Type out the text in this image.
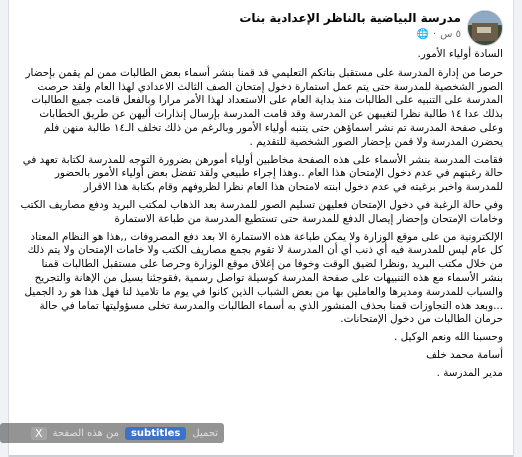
مدرسة البياضية بالناظر الإعدادية بنات
٥ س
·
🌐

السادة أولياء الأمور.

حرصا من إدارة المدرسة على مستقبل بناتكم التعليمي قد قمنا بنشر أسماء بعض الطالبات ممن لم يقمن بإحضار الصور الشخصية للمدرسة حتى يتم عمل استمارة دخول إمتحان الصف الثالث الاعدادي لهذا العام ولقد حرصت المدرسة على التنبيه على الطالبات منذ بداية العام على الاستعداد لهذا الأمر مرارا وبالفعل قامت جميع الطالبات بذلك عدا ١٤ طالبة نظرا لتغيبهن عن المدرسة وقد قامت المدرسة بإرسال إنذارات أليهن عن طريق الخطابات وعلى صفحة المدرسة تم نشر اسماؤهن حتى يتنبه أولياء الأمور وبالرغم من ذلك تخلف الـ١٤ طالبة منهن فلم يحضرن المدرسة ولا قمن بإحضار الصور الشخصية للتقديم .

فقامت المدرسة بنشر الأسماء على هذه الصفحة مخاطبين أولياء أمورهن بضرورة التوجه للمدرسة لكتابة تعهد في حالة رغبتهم في عدم دخول الإمتحان هذا العام ..وهذا إجراء طبيعي ولقد تفضل بعض أولياء الأمور بالحضور للمدرسة واخبر برغبته في عدم دخول ابنته لامتحان هذا العام نظرا لظروفهم وقام بكتابة هذا الاقرار

وفي حالة الرغبة في دخول الإمتحان فعليهن تسليم الصور للمدرسة بعد الذهاب لمكتب البريد ودفع مصاريف الكتب وخامات الإمتحان وإحضار إيصال الدفع للمدرسة حتى تستطيع المدرسة من طباعة الاستمارة

الإلكترونية من على موقع الوزارة ولا يمكن طباعة هذه الاستمارة الا بعد دفع المصروفات ,,هذا هو النظام المعتاد كل عام ليس للمدرسة فيه أي ذنب أي أن المدرسة لا تقوم بجمع مصاريف الكتب ولا خامات الإمتحان ولا يتم ذلك من خلال مكتب البريد ,ونظرا لضيق الوقت وخوفا من إغلاق موقع الوزارة وحرصا على مستقبل الطالبات قمنا بنشر الأسماء مع هذه التنبيهات على صفحة المدرسة كوسيلة تواصل رسمية ,فقوجئنا بسيل من الإهانة والتجريح والسباب للمدرسة ومديرها والعاملين بها من بعض الشباب الذين كانوا في يوم ما تلاميذ لنا فهل هذا هو رد الجميل ...وبعد هذه التجاوزات قمنا بحذف المنشور الذي به أسماء الطالبات والمدرسة تخلى مسؤوليتها تماما في حالة حرمان الطالبات من دخول الإمتحانات.

وحسبنا الله ونعم الوكيل .

أسامة محمد خلف

مدير المدرسة .

تحميل
subtitles
من هذه الصفحة
X
